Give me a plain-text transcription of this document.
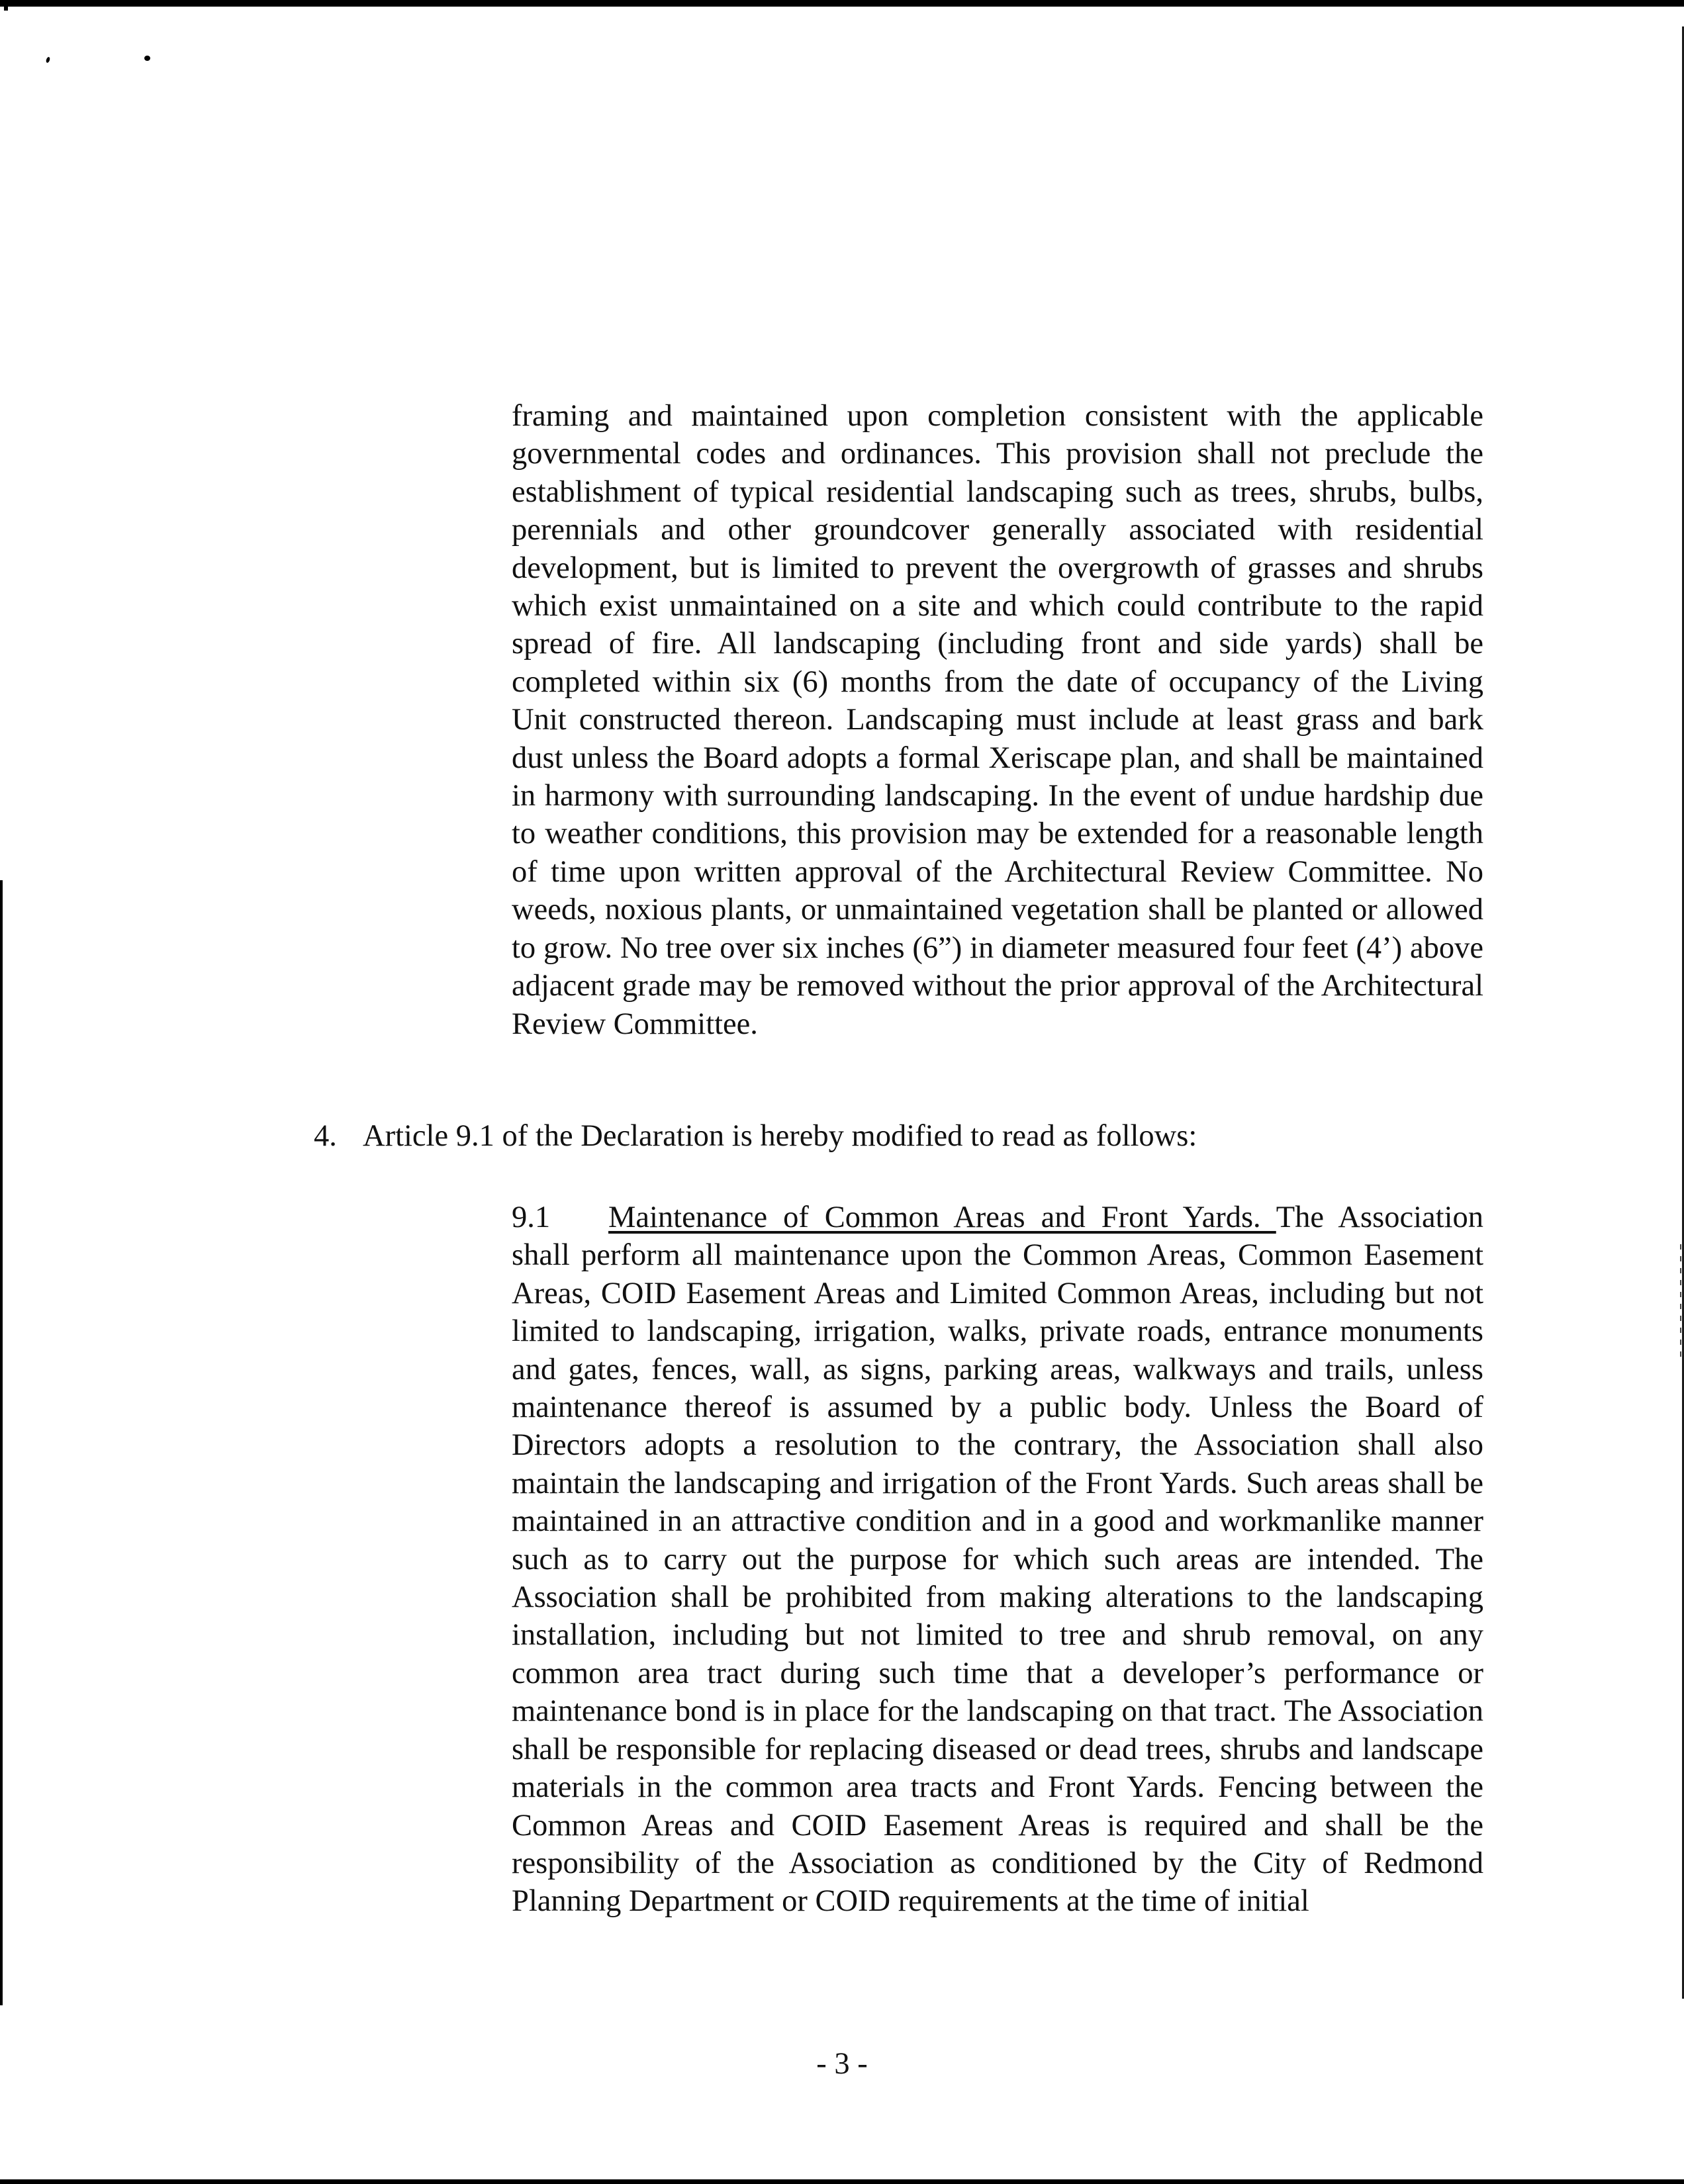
framing and maintained upon completion consistent with the applicable governmental codes and ordinances. This provision shall not preclude the establishment of typical residential landscaping such as trees, shrubs, bulbs, perennials and other groundcover generally associated with residential development, but is limited to prevent the overgrowth of grasses and shrubs which exist unmaintained on a site and which could contribute to the rapid spread of fire. All landscaping (including front and side yards) shall be completed within six (6) months from the date of occupancy of the Living Unit constructed thereon. Landscaping must include at least grass and bark dust unless the Board adopts a formal Xeriscape plan, and shall be maintained in harmony with surrounding landscaping. In the event of undue hardship due to weather conditions, this provision may be extended for a reasonable length of time upon written approval of the Architectural Review Committee. No weeds, noxious plants, or unmaintained vegetation shall be planted or allowed to grow. No tree over six inches (6”) in diameter measured four feet (4’) above adjacent grade may be removed without the prior approval of the Architectural Review Committee.

4. Article 9.1 of the Declaration is hereby modified to read as follows:

9.1 Maintenance of Common Areas and Front Yards. The Association shall perform all maintenance upon the Common Areas, Common Easement Areas, COID Easement Areas and Limited Common Areas, including but not limited to landscaping, irrigation, walks, private roads, entrance monuments and gates, fences, wall, as signs, parking areas, walkways and trails, unless maintenance thereof is assumed by a public body. Unless the Board of Directors adopts a resolution to the contrary, the Association shall also maintain the landscaping and irrigation of the Front Yards. Such areas shall be maintained in an attractive condition and in a good and workmanlike manner such as to carry out the purpose for which such areas are intended. The Association shall be prohibited from making alterations to the landscaping installation, including but not limited to tree and shrub removal, on any common area tract during such time that a developer’s performance or maintenance bond is in place for the landscaping on that tract. The Association shall be responsible for replacing diseased or dead trees, shrubs and landscape materials in the common area tracts and Front Yards. Fencing between the Common Areas and COID Easement Areas is required and shall be the responsibility of the Association as conditioned by the City of Redmond Planning Department or COID requirements at the time of initial

- 3 -
